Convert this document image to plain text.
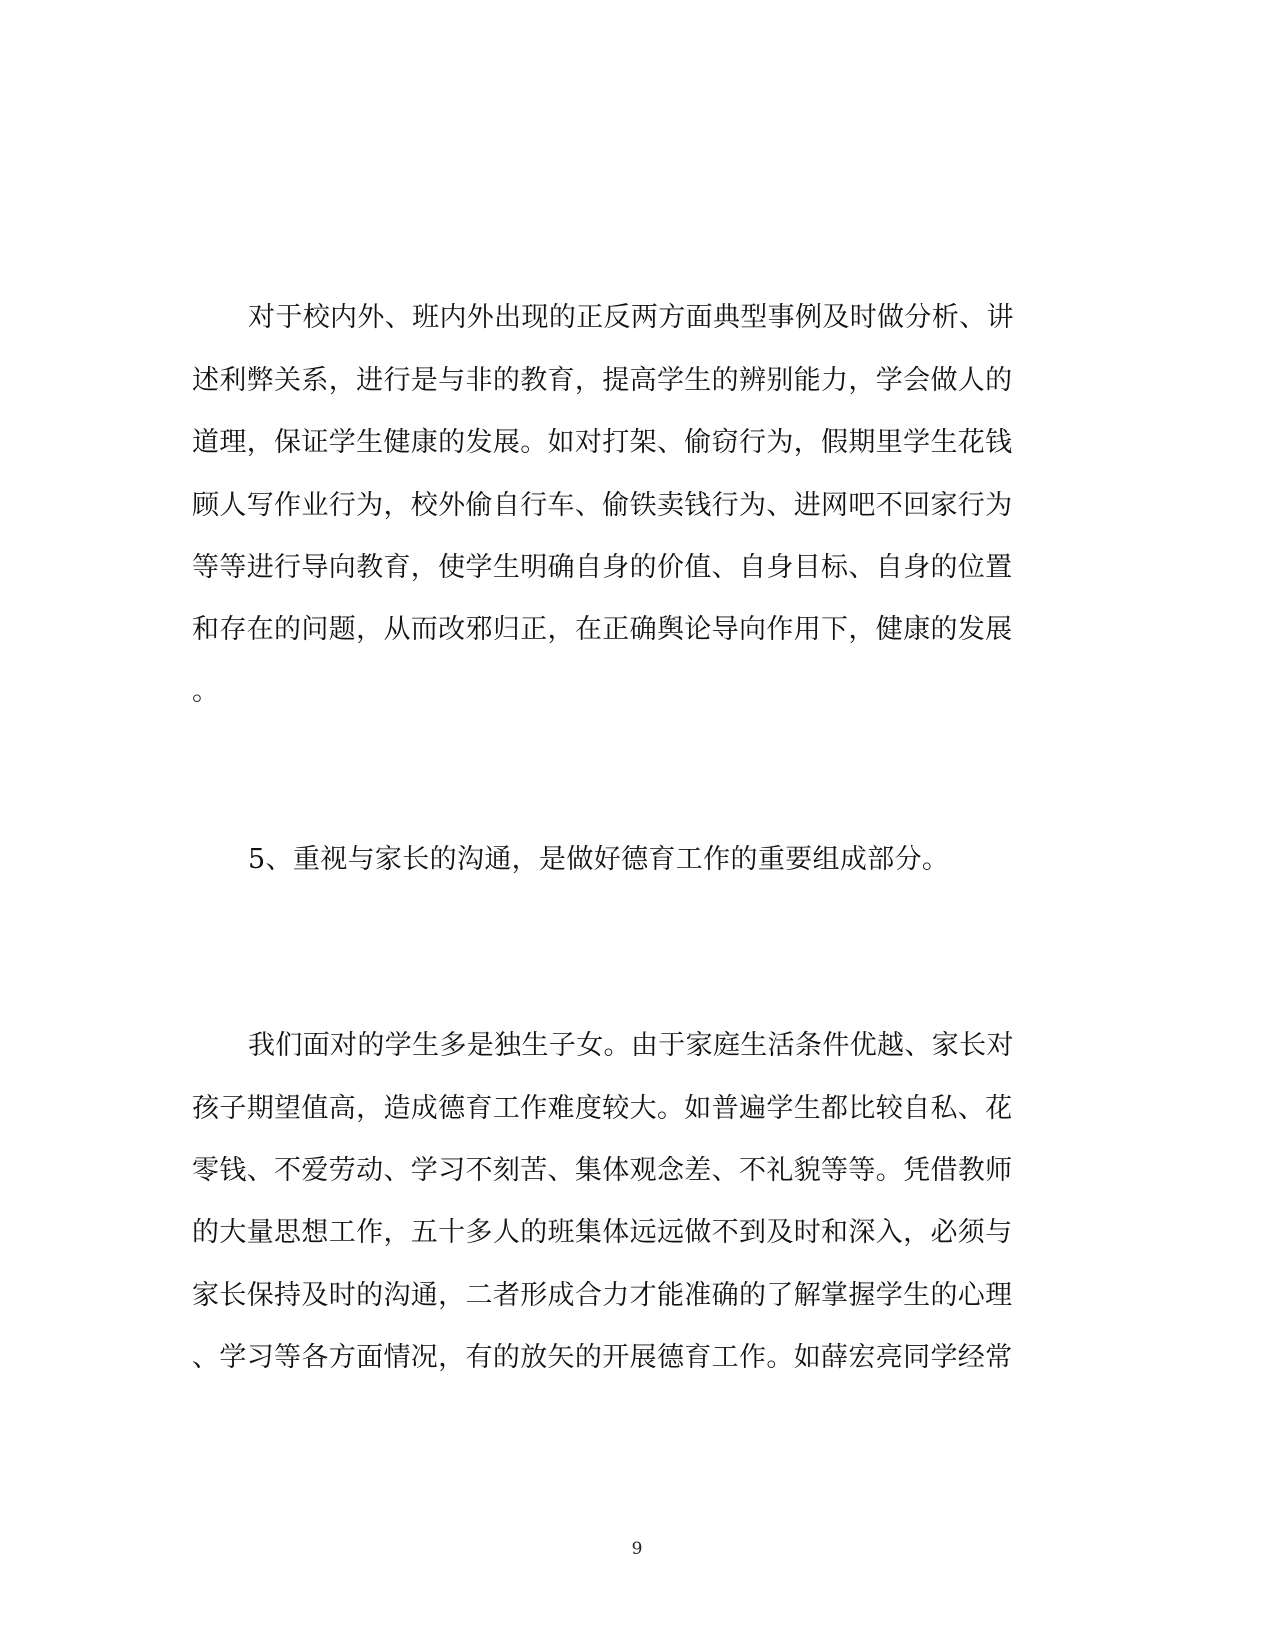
对于校内外、班内外出现的正反两方面典型事例及时做分析、讲
述利弊关系，进行是与非的教育，提高学生的辨别能力，学会做人的
道理，保证学生健康的发展。如对打架、偷窃行为，假期里学生花钱
顾人写作业行为，校外偷自行车、偷铁卖钱行为、进网吧不回家行为
等等进行导向教育，使学生明确自身的价值、自身目标、自身的位置
和存在的问题，从而改邪归正，在正确舆论导向作用下，健康的发展
。
5、重视与家长的沟通，是做好德育工作的重要组成部分。
我们面对的学生多是独生子女。由于家庭生活条件优越、家长对
孩子期望值高，造成德育工作难度较大。如普遍学生都比较自私、花
零钱、不爱劳动、学习不刻苦、集体观念差、不礼貌等等。凭借教师
的大量思想工作，五十多人的班集体远远做不到及时和深入，必须与
家长保持及时的沟通，二者形成合力才能准确的了解掌握学生的心理
、学习等各方面情况，有的放矢的开展德育工作。如薛宏亮同学经常
9
